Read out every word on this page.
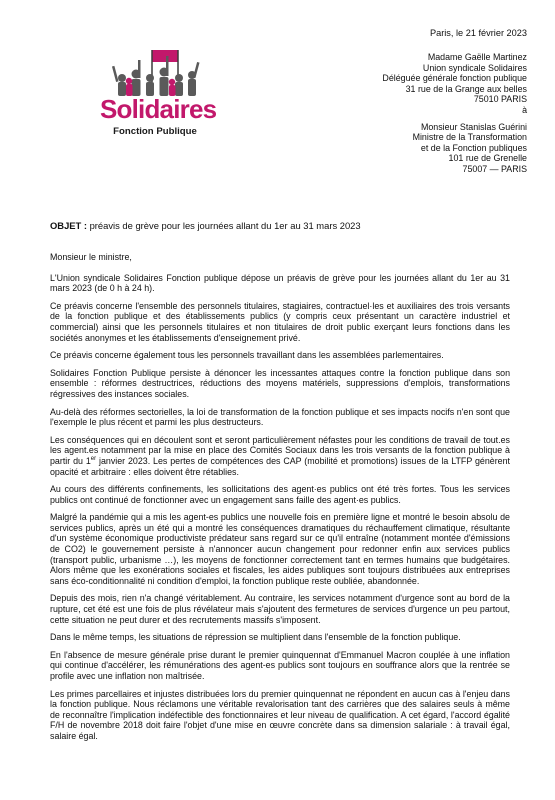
Solidaires
Fonction Publique
Paris, le 21 février 2023
Madame Gaëlle Martinez
Union syndicale Solidaires
Déléguée générale fonction publique
31 rue de la Grange aux belles
75010 PARIS
à
Monsieur Stanislas Guérini
Ministre de la Transformation
et de la Fonction publiques
101 rue de Grenelle
75007 — PARIS
OBJET : préavis de grève pour les journées allant du 1er au 31 mars 2023

Monsieur le ministre,

L'Union syndicale Solidaires Fonction publique dépose un préavis de grève pour les journées allant du 1er au 31 mars 2023 (de 0 h à 24 h).

Ce préavis concerne l'ensemble des personnels titulaires, stagiaires, contractuel·les et auxiliaires des trois versants de la fonction publique et des établissements publics (y compris ceux présentant un caractère industriel et commercial) ainsi que les personnels titulaires et non titulaires de droit public exerçant leurs fonctions dans les sociétés anonymes et les établissements d'enseignement privé.

Ce préavis concerne également tous les personnels travaillant dans les assemblées parlementaires.

Solidaires Fonction Publique persiste à dénoncer les incessantes attaques contre la fonction publique dans son ensemble : réformes destructrices, réductions des moyens matériels, suppressions d'emplois, transformations régressives des instances sociales.

Au-delà des réformes sectorielles, la loi de transformation de la fonction publique et ses impacts nocifs n'en sont que l'exemple le plus récent et parmi les plus destructeurs.

Les conséquences qui en découlent sont et seront particulièrement néfastes pour les conditions de travail de tout.es les agent.es notamment par la mise en place des Comités Sociaux dans les trois versants de la fonction publique à partir du 1er janvier 2023. Les pertes de compétences des CAP (mobilité et promotions) issues de la LTFP génèrent opacité et arbitraire : elles doivent être rétablies.

Au cours des différents confinements, les sollicitations des agent·es publics ont été très fortes. Tous les services publics ont continué de fonctionner avec un engagement sans faille des agent·es publics.

Malgré la pandémie qui a mis les agent-es publics une nouvelle fois en première ligne et montré le besoin absolu de services publics, après un été qui a montré les conséquences dramatiques du réchauffement climatique, résultante d'un système économique productiviste prédateur sans regard sur ce qu'il entraîne (notamment montée d'émissions de CO2) le gouvernement persiste à n'annoncer aucun changement pour redonner enfin aux services publics (transport public, urbanisme …), les moyens de fonctionner correctement tant en termes humains que budgétaires. Alors même que les exonérations sociales et fiscales, les aides publiques sont toujours distribuées aux entreprises sans éco-conditionnalité ni condition d'emploi, la fonction publique reste oubliée, abandonnée.

Depuis des mois, rien n'a changé véritablement. Au contraire, les services notamment d'urgence sont au bord de la rupture, cet été est une fois de plus révélateur mais s'ajoutent des fermetures de services d'urgence un peu partout, cette situation ne peut durer et des recrutements massifs s'imposent.

Dans le même temps, les situations de répression se multiplient dans l'ensemble de la fonction publique.

En l'absence de mesure générale prise durant le premier quinquennat d'Emmanuel Macron couplée à une inflation qui continue d'accélérer, les rémunérations des agent-es publics sont toujours en souffrance alors que la rentrée se profile avec une inflation non maîtrisée.

Les primes parcellaires et injustes distribuées lors du premier quinquennat ne répondent en aucun cas à l'enjeu dans la fonction publique. Nous réclamons une véritable revalorisation tant des carrières que des salaires seuls à même de reconnaître l'implication indéfectible des fonctionnaires et leur niveau de qualification. A cet égard, l'accord égalité F/H de novembre 2018 doit faire l'objet d'une mise en œuvre concrète dans sa dimension salariale : à travail égal, salaire égal.
